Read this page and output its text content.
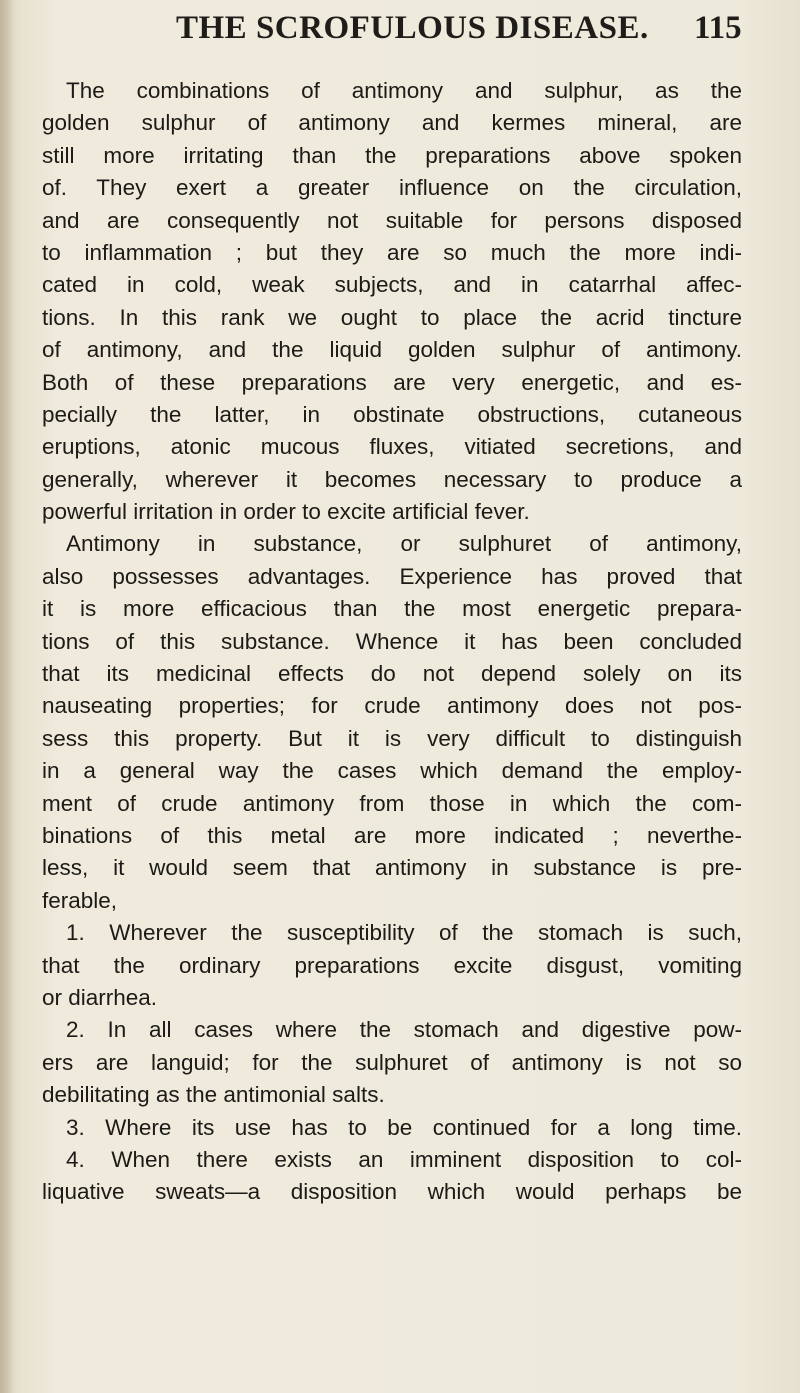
THE SCROFULOUS DISEASE. 115
The combinations of antimony and sulphur, as the
golden sulphur of antimony and kermes mineral, are
still more irritating than the preparations above spoken
of. They exert a greater influence on the circulation,
and are consequently not suitable for persons disposed
to inflammation ; but they are so much the more indi-
cated in cold, weak subjects, and in catarrhal affec-
tions. In this rank we ought to place the acrid tincture
of antimony, and the liquid golden sulphur of antimony.
Both of these preparations are very energetic, and es-
pecially the latter, in obstinate obstructions, cutaneous
eruptions, atonic mucous fluxes, vitiated secretions, and
generally, wherever it becomes necessary to produce a
powerful irritation in order to excite artificial fever.
Antimony in substance, or sulphuret of antimony,
also possesses advantages. Experience has proved that
it is more efficacious than the most energetic prepara-
tions of this substance. Whence it has been concluded
that its medicinal effects do not depend solely on its
nauseating properties; for crude antimony does not pos-
sess this property. But it is very difficult to distinguish
in a general way the cases which demand the employ-
ment of crude antimony from those in which the com-
binations of this metal are more indicated ; neverthe-
less, it would seem that antimony in substance is pre-
ferable,
1. Wherever the susceptibility of the stomach is such,
that the ordinary preparations excite disgust, vomiting
or diarrhea.
2. In all cases where the stomach and digestive pow-
ers are languid; for the sulphuret of antimony is not so
debilitating as the antimonial salts.
3. Where its use has to be continued for a long time.
4. When there exists an imminent disposition to col-
liquative sweats—a disposition which would perhaps be
